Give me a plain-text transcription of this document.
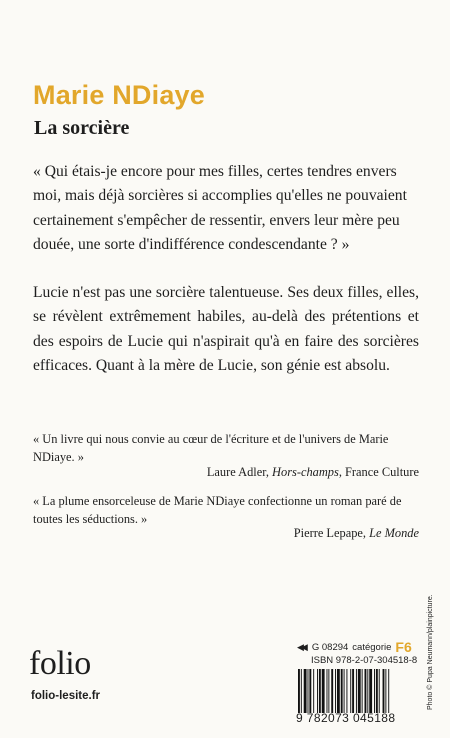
Marie NDiaye
La sorcière

« Qui étais-je encore pour mes filles, certes tendres envers moi, mais déjà sorcières si accomplies qu'elles ne pouvaient certainement s'empêcher de ressentir, envers leur mère peu douée, une sorte d'indifférence condescendante ? »

Lucie n'est pas une sorcière talentueuse. Ses deux filles, elles, se révèlent extrêmement habiles, au-delà des prétentions et des espoirs de Lucie qui n'aspirait qu'à en faire des sorcières efficaces. Quant à la mère de Lucie, son génie est absolu.

« Un livre qui nous convie au cœur de l'écriture et de l'univers de Marie NDiaye. »

Laure Adler, Hors-champs, France Culture

« La plume ensorceleuse de Marie NDiaye confectionne un roman paré de toutes les séductions. »

Pierre Lepape, Le Monde

folio
folio-lesite.fr
◀◀ G 08294 catégorie F6
ISBN 978-2-07-304518-8
9 782073 045188
Photo © Pupa Neumann/plainpicture.
